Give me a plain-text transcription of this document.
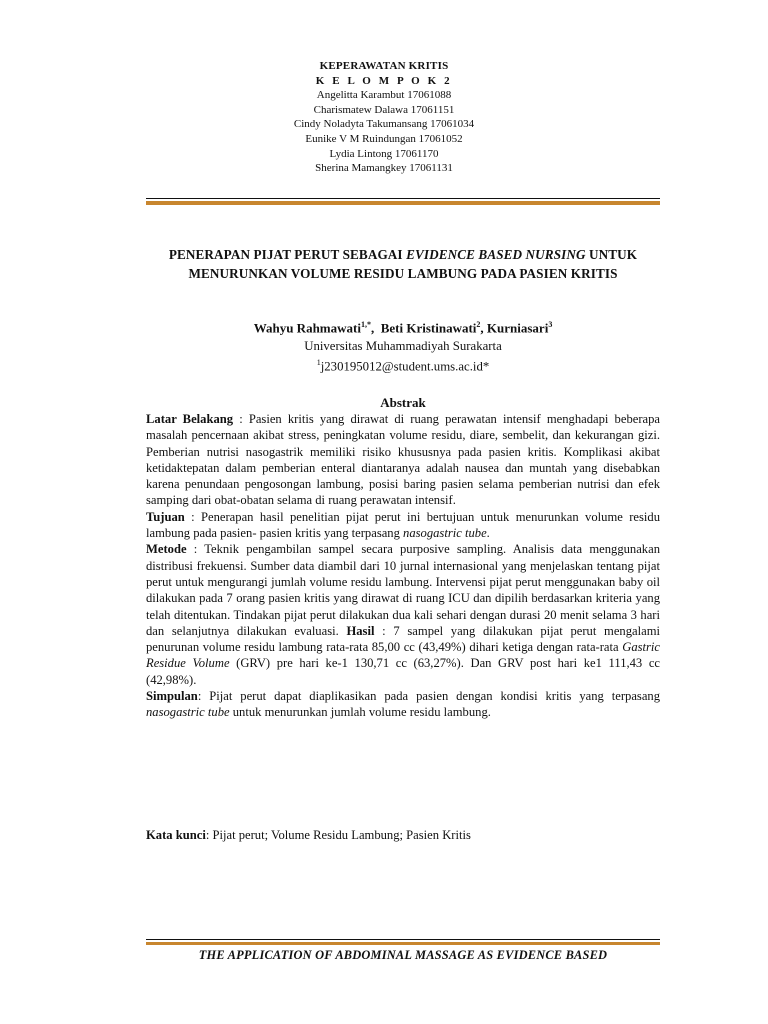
KEPERAWATAN KRITIS
K E L O M P O K 2
Angelitta Karambut 17061088
Charismatew Dalawa 17061151
Cindy Noladyta Takumansang 17061034
Eunike V M Ruindungan 17061052
Lydia Lintong 17061170
Sherina Mamangkey 17061131
PENERAPAN PIJAT PERUT SEBAGAI EVIDENCE BASED NURSING UNTUK MENURUNKAN VOLUME RESIDU LAMBUNG PADA PASIEN KRITIS
Wahyu Rahmawati$^{1,*}$,  Beti Kristinawati$^2$, Kurniasari$^3$
Universitas Muhammadiyah Surakarta
$^1$j230195012@student.ums.ac.id*
Abstrak

Latar Belakang : Pasien kritis yang dirawat di ruang perawatan intensif menghadapi beberapa masalah pencernaan akibat stress, peningkatan volume residu, diare, sembelit, dan kekurangan gizi. Pemberian nutrisi nasogastrik memiliki risiko khususnya pada pasien kritis. Komplikasi akibat ketidaktepatan dalam pemberian enteral diantaranya adalah nausea dan muntah yang disebabkan karena penundaan pengosongan lambung, posisi baring pasien selama pemberian nutrisi dan efek samping dari obat-obatan selama di ruang perawatan intensif.

Tujuan : Penerapan hasil penelitian pijat perut ini bertujuan untuk menurunkan volume residu lambung pada pasien- pasien kritis yang terpasang nasogastric tube.

Metode : Teknik pengambilan sampel secara purposive sampling. Analisis data menggunakan distribusi frekuensi. Sumber data diambil dari 10 jurnal internasional yang menjelaskan tentang pijat perut untuk mengurangi jumlah volume residu lambung. Intervensi pijat perut menggunakan baby oil dilakukan pada 7 orang pasien kritis yang dirawat di ruang ICU dan dipilih berdasarkan kriteria yang telah ditentukan. Tindakan pijat perut dilakukan dua kali sehari dengan durasi 20 menit selama 3 hari dan selanjutnya dilakukan evaluasi. Hasil : 7 sampel yang dilakukan pijat perut mengalami penurunan volume residu lambung rata-rata 85,00 cc (43,49%) dihari ketiga dengan rata-rata Gastric Residue Volume (GRV) pre hari ke-1 130,71 cc (63,27%). Dan GRV post hari ke1 111,43 cc (42,98%).

Simpulan: Pijat perut dapat diaplikasikan pada pasien dengan kondisi kritis yang terpasang nasogastric tube untuk menurunkan jumlah volume residu lambung.

Kata kunci: Pijat perut; Volume Residu Lambung; Pasien Kritis
THE APPLICATION OF ABDOMINAL MASSAGE AS EVIDENCE BASED
